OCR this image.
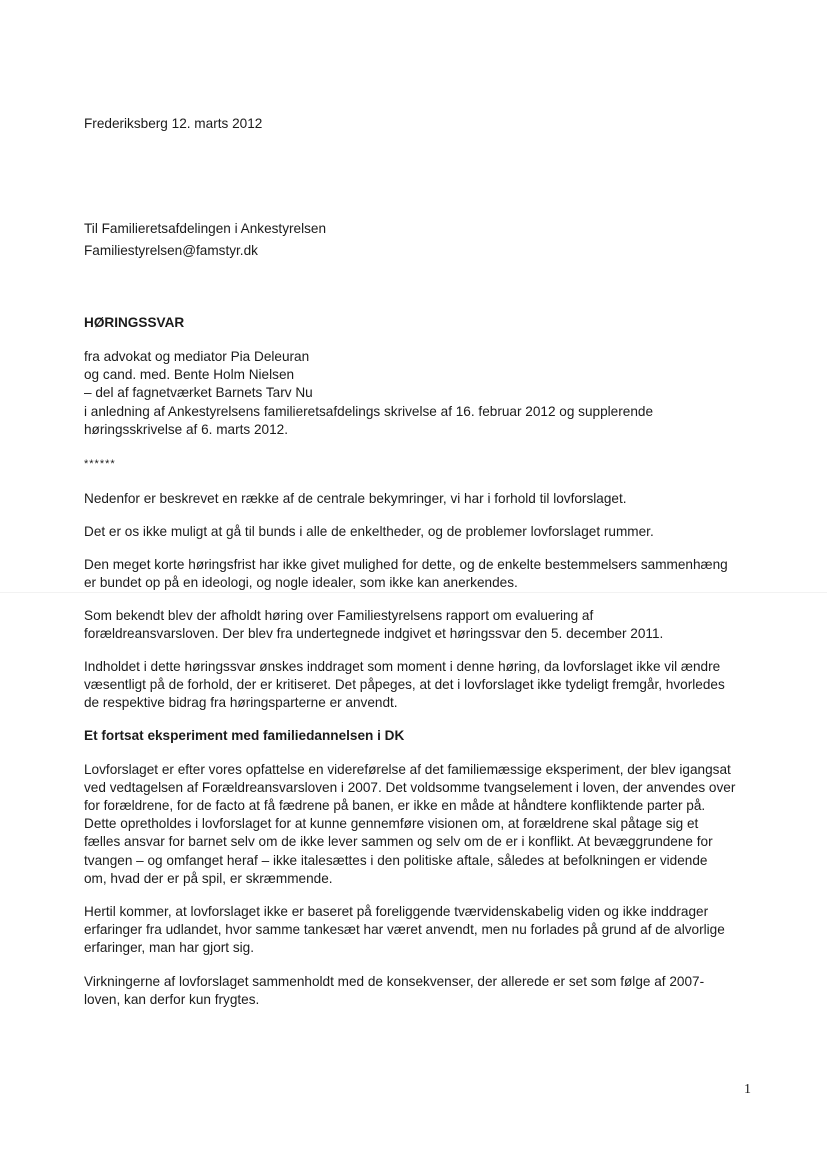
Frederiksberg 12. marts 2012
Til Familieretsafdelingen i Ankestyrelsen
Familiestyrelsen@famstyr.dk
HØRINGSSVAR
fra advokat og mediator Pia Deleuran
og cand. med. Bente Holm Nielsen
– del af fagnetværket Barnets Tarv Nu
i anledning af Ankestyrelsens familieretsafdelings skrivelse af 16. februar 2012 og supplerende
høringsskrivelse af 6. marts 2012.
******
Nedenfor er beskrevet en række af de centrale bekymringer, vi har i forhold til lovforslaget.
Det er os ikke muligt at gå til bunds i alle de enkeltheder, og de problemer lovforslaget rummer.
Den meget korte høringsfrist har ikke givet mulighed for dette, og de enkelte bestemmelsers sammenhæng
er bundet op på en ideologi, og nogle idealer, som ikke kan anerkendes.
Som bekendt blev der afholdt høring over Familiestyrelsens rapport om evaluering af
forældreansvarsloven. Der blev fra undertegnede indgivet et høringssvar den 5. december 2011.
Indholdet i dette høringssvar ønskes inddraget som moment i denne høring, da lovforslaget ikke vil ændre
væsentligt på de forhold, der er kritiseret. Det påpeges, at det i lovforslaget ikke tydeligt fremgår, hvorledes
de respektive bidrag fra høringsparterne er anvendt.
Et fortsat eksperiment med familiedannelsen i DK
Lovforslaget er efter vores opfattelse en videreførelse af det familiemæssige eksperiment, der blev igangsat
ved vedtagelsen af Forældreansvarsloven i 2007. Det voldsomme tvangselement i loven, der anvendes over
for forældrene, for de facto at få fædrene på banen, er ikke en måde at håndtere konfliktende parter på.
Dette opretholdes i lovforslaget for at kunne gennemføre visionen om, at forældrene skal påtage sig et
fælles ansvar for barnet selv om de ikke lever sammen og selv om de er i konflikt. At bevæggrundene for
tvangen – og omfanget heraf – ikke italesættes i den politiske aftale, således at befolkningen er vidende
om, hvad der er på spil, er skræmmende.
Hertil kommer, at lovforslaget ikke er baseret på foreliggende tværvidenskabelig viden og ikke inddrager
erfaringer fra udlandet, hvor samme tankesæt har været anvendt, men nu forlades på grund af de alvorlige
erfaringer, man har gjort sig.
Virkningerne af lovforslaget sammenholdt med de konsekvenser, der allerede er set som følge af 2007-
loven, kan derfor kun frygtes.
1
